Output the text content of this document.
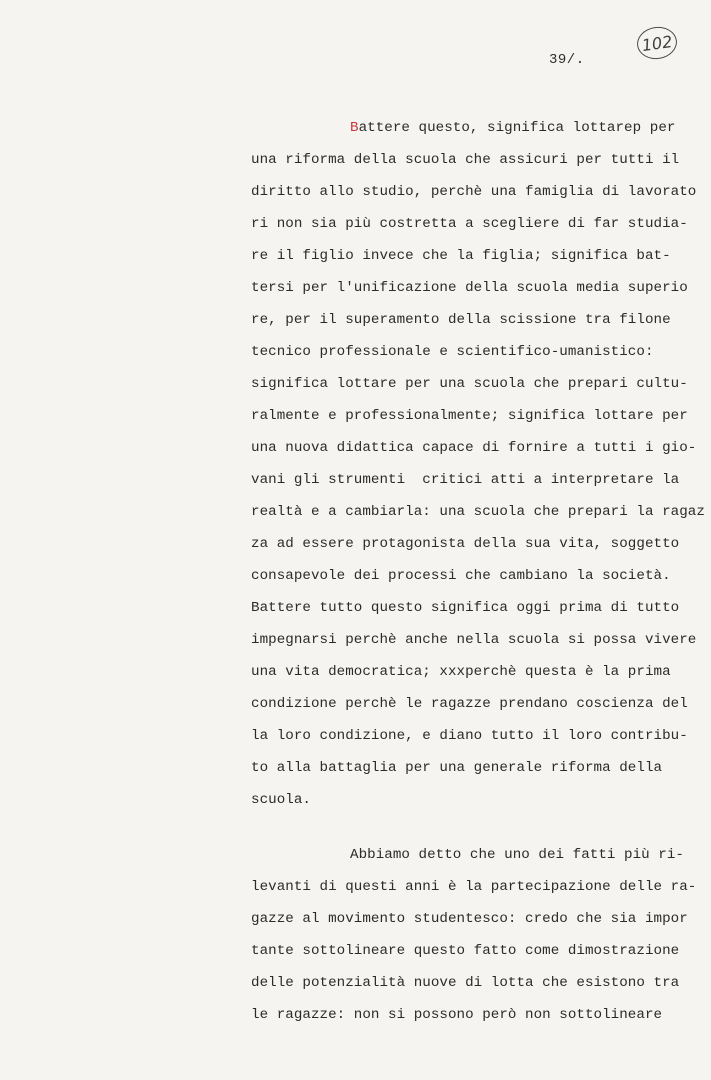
39/.
102
Battere questo, significa lottarep per
una riforma della scuola che assicuri per tutti il
diritto allo studio, perchè una famiglia di lavorato
ri non sia più costretta a scegliere di far studia-
re il figlio invece che la figlia; significa bat-
tersi per l'unificazione della scuola media superio
re, per il superamento della scissione tra filone
tecnico professionale e scientifico-umanistico:
significa lottare per una scuola che prepari cultu-
ralmente e professionalmente; significa lottare per
una nuova didattica capace di fornire a tutti i gio-
vani gli strumenti  critici atti a interpretare la
realtà e a cambiarla: una scuola che prepari la ragaz
za ad essere protagonista della sua vita, soggetto
consapevole dei processi che cambiano la società.
Battere tutto questo significa oggi prima di tutto
impegnarsi perchè anche nella scuola si possa vivere
una vita democratica; xxxperchè questa è la prima
condizione perchè le ragazze prendano coscienza del
la loro condizione, e diano tutto il loro contribu-
to alla battaglia per una generale riforma della
scuola.
Abbiamo detto che uno dei fatti più ri-
levanti di questi anni è la partecipazione delle ra-
gazze al movimento studentesco: credo che sia impor
tante sottolineare questo fatto come dimostrazione
delle potenzialità nuove di lotta che esistono tra
le ragazze: non si possono però non sottolineare
